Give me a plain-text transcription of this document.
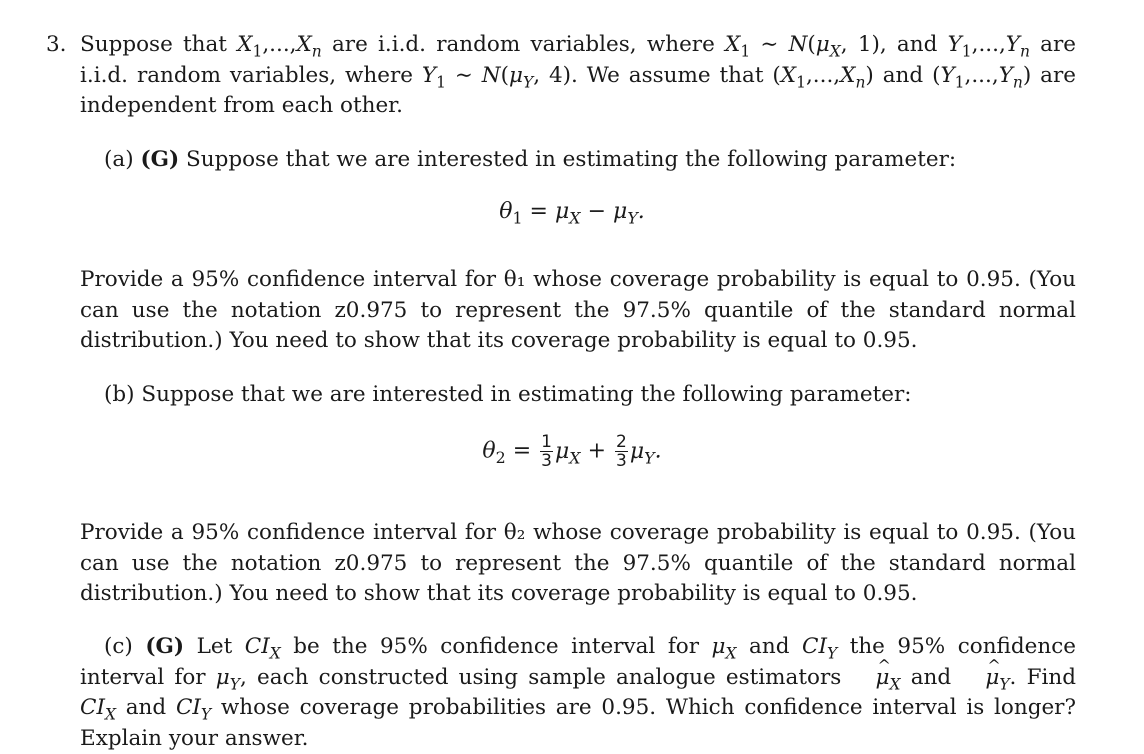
3. Suppose that $X_1,...,X_n$ are i.i.d. random variables, where $X_1$ ∼ $N(\mu_X$, 1), and $Y_1,...,Y_n$ are i.i.d. random variables, where $Y_1$ ∼ $N(\mu_Y$, 4). We assume that $(X_1,...,X_n)$ and $(Y_1,...,Y_n)$ are independent from each other.

(a) (G) Suppose that we are interested in estimating the following parameter:

$\theta_1 = \mu_X - \mu_Y$.

Provide a 95% confidence interval for θ₁ whose coverage probability is equal to 0.95. (You can use the notation z0.975 to represent the 97.5% quantile of the standard normal distribution.) You need to show that its coverage probability is equal to 0.95.

(b) Suppose that we are interested in estimating the following parameter:

$\theta_2 = \frac{1}{3} \mu_X + \frac{2}{3} \mu_Y$.

Provide a 95% confidence interval for θ₂ whose coverage probability is equal to 0.95. (You can use the notation z0.975 to represent the 97.5% quantile of the standard normal distribution.) You need to show that its coverage probability is equal to 0.95.

(c) (G) Let $CI_X$ be the 95% confidence interval for $\mu_X$ and $CI_Y$ the 95% confidence interval for $\mu_Y$, each constructed using sample analogue estimators ^ $\mu_X$ and ^ $\mu_Y$. Find $CI_X$ and $CI_Y$ whose coverage probabilities are 0.95. Which confidence interval is longer? Explain your answer.
